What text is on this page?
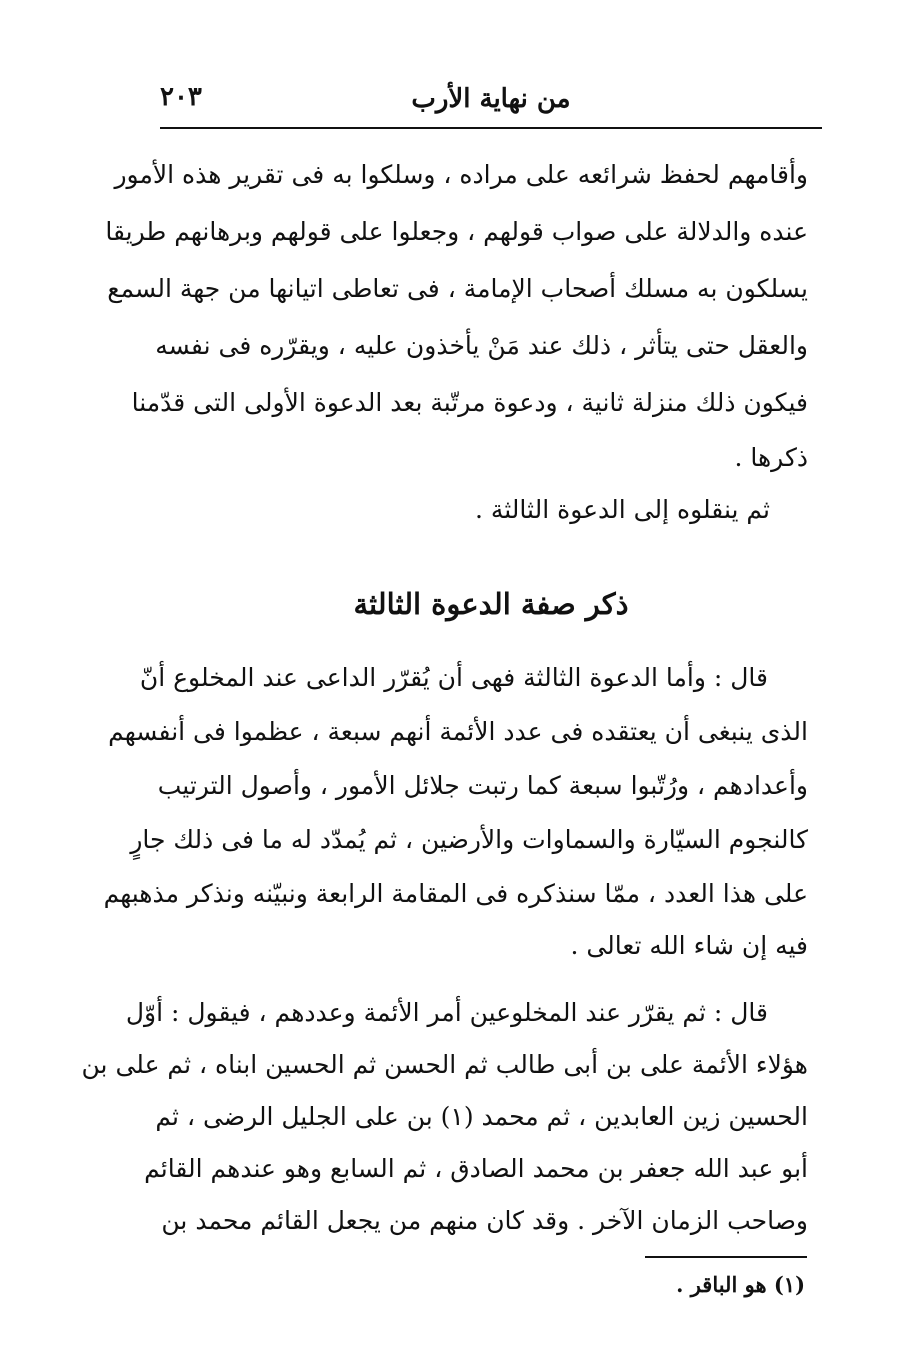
من نهاية الأرب
٢٠٣
وأقامهم لحفظ شرائعه على مراده ، وسلكوا به فى تقرير هذه الأمور
عنده والدلالة على صواب قولهم ، وجعلوا على قولهم وبرهانهم طريقا
يسلكون به مسلك أصحاب الإمامة ، فى تعاطى اتيانها من جهة السمع
والعقل حتى يتأثر ، ذلك عند مَنْ يأخذون عليه ، ويقرّره فى نفسه
فيكون ذلك منزلة ثانية ، ودعوة مرتّبة بعد الدعوة الأولى التى قدّمنا
ذكرها .
ثم ينقلوه إلى الدعوة الثالثة .
ذكر صفة الدعوة الثالثة
قال : وأما الدعوة الثالثة فهى أن يُقرّر الداعى عند المخلوع أنّ
الذى ينبغى أن يعتقده فى عدد الأئمة أنهم سبعة ، عظموا فى أنفسهم
وأعدادهم ، ورُتّبوا سبعة كما رتبت جلائل الأمور ، وأصول الترتيب
كالنجوم السيّارة والسماوات والأرضين ، ثم يُمدّد له ما فى ذلك جارٍ
على هذا العدد ، ممّا سنذكره فى المقامة الرابعة ونبيّنه ونذكر مذهبهم
فيه إن شاء الله تعالى .
قال : ثم يقرّر عند المخلوعين أمر الأئمة وعددهم ، فيقول : أوّل
هؤلاء الأئمة على بن أبى طالب ثم الحسن ثم الحسين ابناه ، ثم على بن
الحسين زين العابدين ، ثم محمد (١) بن على الجليل الرضى ، ثم
أبو عبد الله جعفر بن محمد الصادق ، ثم السابع وهو عندهم القائم
وصاحب الزمان الآخر . وقد كان منهم من يجعل القائم محمد بن
(١) هو الباقر .
